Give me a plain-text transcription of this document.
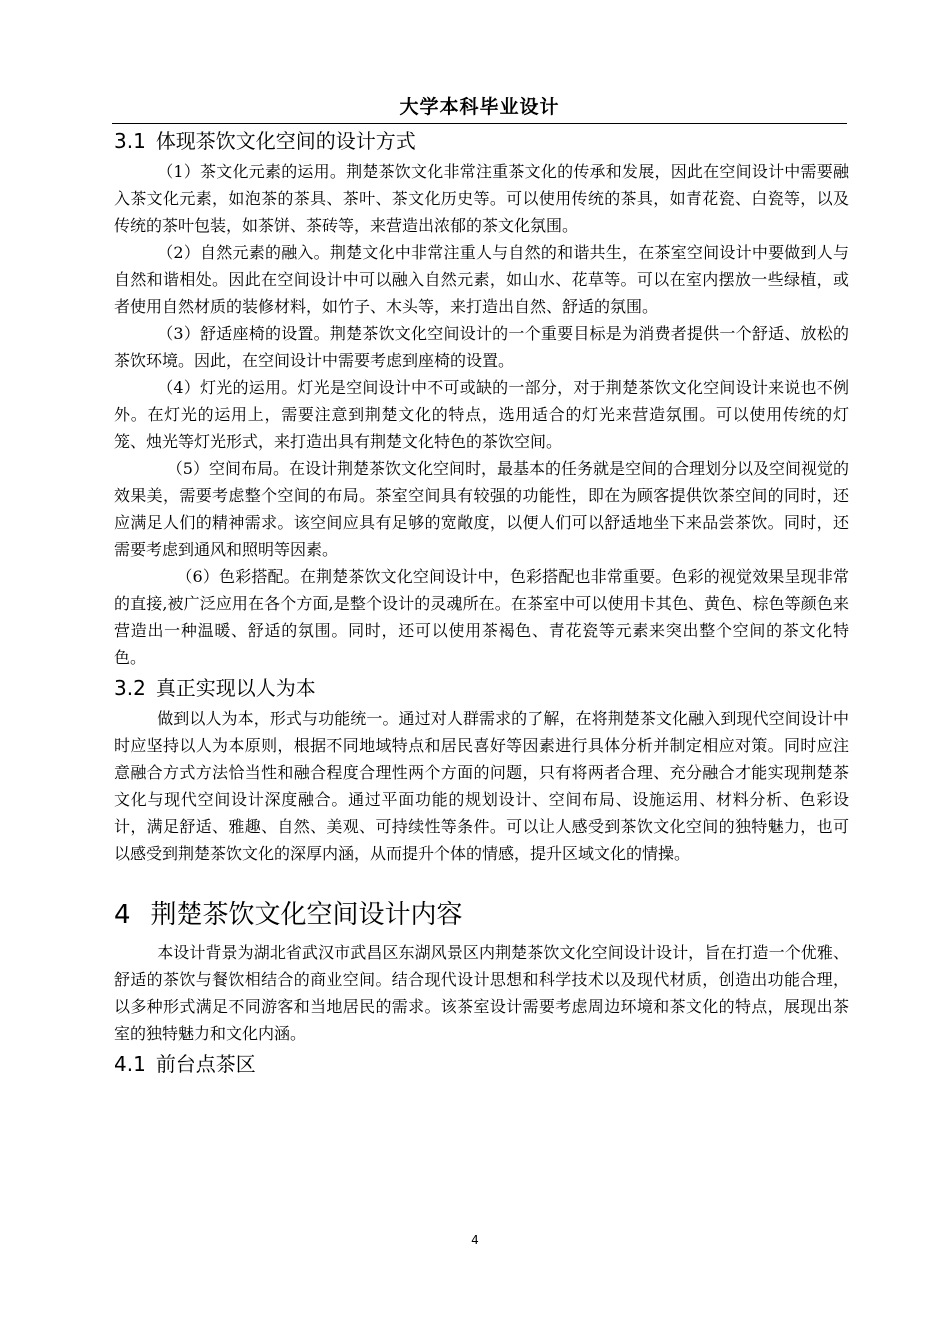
大学本科毕业设计
3.1 体现茶饮文化空间的设计方式

（1）茶文化元素的运用。荆楚茶饮文化非常注重茶文化的传承和发展，因此在空间设计中需要融入茶文化元素，如泡茶的茶具、茶叶、茶文化历史等。可以使用传统的茶具，如青花瓷、白瓷等，以及传统的茶叶包装，如茶饼、茶砖等，来营造出浓郁的茶文化氛围。

（2）自然元素的融入。荆楚文化中非常注重人与自然的和谐共生，在茶室空间设计中要做到人与自然和谐相处。因此在空间设计中可以融入自然元素，如山水、花草等。可以在室内摆放一些绿植，或者使用自然材质的装修材料，如竹子、木头等，来打造出自然、舒适的氛围。

（3）舒适座椅的设置。荆楚茶饮文化空间设计的一个重要目标是为消费者提供一个舒适、放松的茶饮环境。因此，在空间设计中需要考虑到座椅的设置。

（4）灯光的运用。灯光是空间设计中不可或缺的一部分，对于荆楚茶饮文化空间设计来说也不例外。在灯光的运用上，需要注意到荆楚文化的特点，选用适合的灯光来营造氛围。可以使用传统的灯笼、烛光等灯光形式，来打造出具有荆楚文化特色的茶饮空间。

（5）空间布局。在设计荆楚茶饮文化空间时，最基本的任务就是空间的合理划分以及空间视觉的效果美，需要考虑整个空间的布局。茶室空间具有较强的功能性，即在为顾客提供饮茶空间的同时，还应满足人们的精神需求。该空间应具有足够的宽敞度，以便人们可以舒适地坐下来品尝茶饮。同时，还需要考虑到通风和照明等因素。

（6）色彩搭配。在荆楚茶饮文化空间设计中，色彩搭配也非常重要。色彩的视觉效果呈现非常的直接,被广泛应用在各个方面,是整个设计的灵魂所在。在茶室中可以使用卡其色、黄色、棕色等颜色来营造出一种温暖、舒适的氛围。同时，还可以使用茶褐色、青花瓷等元素来突出整个空间的茶文化特色。

3.2 真正实现以人为本

做到以人为本，形式与功能统一。通过对人群需求的了解，在将荆楚茶文化融入到现代空间设计中时应坚持以人为本原则，根据不同地域特点和居民喜好等因素进行具体分析并制定相应对策。同时应注意融合方式方法恰当性和融合程度合理性两个方面的问题，只有将两者合理、充分融合才能实现荆楚茶文化与现代空间设计深度融合。通过平面功能的规划设计、空间布局、设施运用、材料分析、色彩设计，满足舒适、雅趣、自然、美观、可持续性等条件。可以让人感受到茶饮文化空间的独特魅力，也可以感受到荆楚茶饮文化的深厚内涵，从而提升个体的情感，提升区域文化的情操。

4 荆楚茶饮文化空间设计内容

本设计背景为湖北省武汉市武昌区东湖风景区内荆楚茶饮文化空间设计设计，旨在打造一个优雅、舒适的茶饮与餐饮相结合的商业空间。结合现代设计思想和科学技术以及现代材质，创造出功能合理，以多种形式满足不同游客和当地居民的需求。该茶室设计需要考虑周边环境和茶文化的特点，展现出茶室的独特魅力和文化内涵。

4.1 前台点茶区
4
